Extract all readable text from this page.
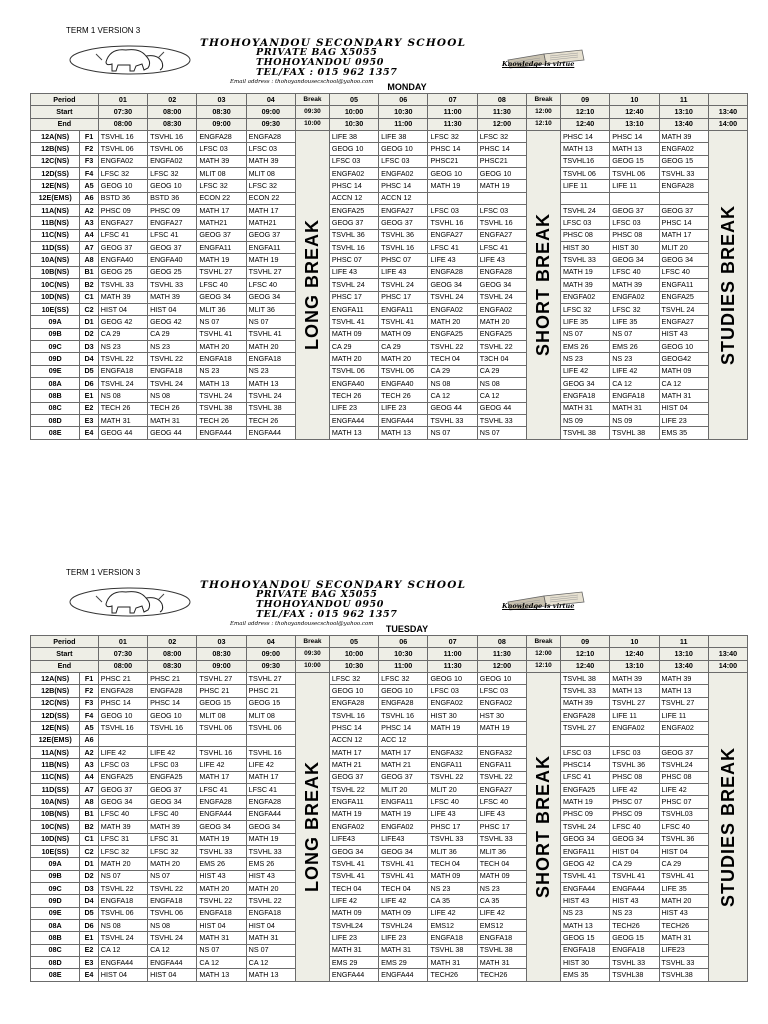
TERM 1 VERSION 3
THOHOYANDOU SECONDARY SCHOOL
PRIVATE BAG X5055
THOHOYANDOU 0950
TEL/FAX : 015 962 1357
Email address : thohoyandousecschool@yahoo.com
Knowledge is virtue
MONDAY
Period		01	02	03	04	Break	05	06	07	08	Break	09	10	11	
Start		07:30	08:00	08:30	09:00	09:30	10:00	10:30	11:00	11:30	12:00	12:10	12:40	13:10	13:40
End		08:00	08:30	09:00	09:30	10:00	10:30	11:00	11:30	12:00	12:10	12:40	13:10	13:40	14:00
12A(NS)	F1	TSVHL 16	TSVHL 16	ENGFA28	ENGFA28	LONG BREAK	LIFE 38	LIFE 38	LFSC 32	LFSC 32	SHORT BREAK	PHSC 14	PHSC 14	MATH 39	STUDIES BREAK
12B(NS)	F2	TSVHL 06	TSVHL 06	LFSC 03	LFSC 03		GEOG 10	GEOG 10	PHSC 14	PHSC 14		MATH 13	MATH 13	ENGFA02	
12C(NS)	F3	ENGFA02	ENGFA02	MATH 39	MATH 39		LFSC 03	LFSC 03	PHSC21	PHSC21		TSVHL16	GEOG 15	GEOG 15	
12D(SS)	F4	LFSC 32	LFSC 32	MLIT 08	MLIT 08		ENGFA02	ENGFA02	GEOG 10	GEOG 10		TSVHL 06	TSVHL 06	TSVHL 33	
12E(NS)	A5	GEOG 10	GEOG 10	LFSC 32	LFSC 32		PHSC 14	PHSC 14	MATH 19	MATH 19		LIFE 11	LIFE 11	ENGFA28	
12E(EMS)	A6	BSTD 36	BSTD 36	ECON 22	ECON 22		ACCN 12	ACCN 12							
11A(NS)	A2	PHSC 09	PHSC 09	MATH 17	MATH 17		ENGFA25	ENGFA27	LFSC 03	LFSC 03		TSVHL 24	GEOG 37	GEOG 37	
11B(NS)	A3	ENGFA27	ENGFA27	MATH21	MATH21		GEOG 37	GEOG 37	TSVHL 16	TSVHL 16		LFSC 03	LFSC 03	PHSC 14	
11C(NS)	A4	LFSC 41	LFSC 41	GEOG 37	GEOG 37		TSVHL 36	TSVHL 36	ENGFA27	ENGFA27		PHSC 08	PHSC 08	MATH 17	
11D(SS)	A7	GEOG 37	GEOG 37	ENGFA11	ENGFA11		TSVHL 16	TSVHL 16	LFSC 41	LFSC 41		HIST 30	HIST 30	MLIT 20	
10A(NS)	A8	ENGFA40	ENGFA40	MATH 19	MATH 19		PHSC 07	PHSC 07	LIFE 43	LIFE 43		TSVHL 33	GEOG 34	GEOG 34	
10B(NS)	B1	GEOG 25	GEOG 25	TSVHL 27	TSVHL 27		LIFE 43	LIFE 43	ENGFA28	ENGFA28		MATH 19	LFSC 40	LFSC 40	
10C(NS)	B2	TSVHL 33	TSVHL 33	LFSC 40	LFSC 40		TSVHL 24	TSVHL 24	GEOG 34	GEOG 34		MATH 39	MATH 39	ENGFA11	
10D(NS)	C1	MATH 39	MATH 39	GEOG 34	GEOG 34		PHSC 17	PHSC 17	TSVHL 24	TSVHL 24		ENGFA02	ENGFA02	ENGFA25	
10E(SS)	C2	HIST 04	HIST 04	MLIT 36	MLIT 36		ENGFA11	ENGFA11	ENGFA02	ENGFA02		LFSC 32	LFSC 32	TSVHL 24	
09A	D1	GEOG 42	GEOG 42	NS 07	NS 07		TSVHL 41	TSVHL 41	MATH 20	MATH 20		LIFE 35	LIFE 35	ENGFA27	
09B	D2	CA 29	CA 29	TSVHL 41	TSVHL 41		MATH 09	MATH 09	ENGFA25	ENGFA25		NS 07	NS 07	HIST 43	
09C	D3	NS 23	NS 23	MATH 20	MATH 20		CA 29	CA 29	TSVHL 22	TSVHL 22		EMS 26	EMS 26	GEOG 10	
09D	D4	TSVHL 22	TSVHL 22	ENGFA18	ENGFA18		MATH 20	MATH 20	TECH 04	T3CH 04		NS 23	NS 23	GEOG42	
09E	D5	ENGFA18	ENGFA18	NS 23	NS 23		TSVHL 06	TSVHL 06	CA 29	CA 29		LIFE 42	LIFE 42	MATH 09	
08A	D6	TSVHL 24	TSVHL 24	MATH 13	MATH 13		ENGFA40	ENGFA40	NS 08	NS 08		GEOG 34	CA 12	CA 12	
08B	E1	NS 08	NS 08	TSVHL 24	TSVHL 24		TECH 26	TECH 26	CA 12	CA 12		ENGFA18	ENGFA18	MATH 31	
08C	E2	TECH 26	TECH 26	TSVHL 38	TSVHL 38		LIFE 23	LIFE 23	GEOG 44	GEOG 44		MATH 31	MATH 31	HIST 04	
08D	E3	MATH 31	MATH 31	TECH 26	TECH 26		ENGFA44	ENGFA44	TSVHL 33	TSVHL 33		NS 09	NS 09	LIFE 23	
08E	E4	GEOG 44	GEOG 44	ENGFA44	ENGFA44		MATH 13	MATH 13	NS 07	NS 07		TSVHL 38	TSVHL 38	EMS 35	
TERM 1 VERSION 3
THOHOYANDOU SECONDARY SCHOOL
PRIVATE BAG X5055
THOHOYANDOU 0950
TEL/FAX : 015 962 1357
Email address : thohoyandousecschool@yahoo.com
Knowledge is virtue
TUESDAY
Period		01	02	03	04	Break	05	06	07	08	Break	09	10	11	
Start		07:30	08:00	08:30	09:00	09:30	10:00	10:30	11:00	11:30	12:00	12:10	12:40	13:10	13:40
End		08:00	08:30	09:00	09:30	10:00	10:30	11:00	11:30	12:00	12:10	12:40	13:10	13:40	14:00
12A(NS)	F1	PHSC 21	PHSC 21	TSVHL 27	TSVHL 27	LONG BREAK	LFSC 32	LFSC 32	GEOG 10	GEOG 10	SHORT BREAK	TSVHL 38	MATH 39	MATH 39	STUDIES BREAK
12B(NS)	F2	ENGFA28	ENGFA28	PHSC 21	PHSC 21		GEOG 10	GEOG 10	LFSC 03	LFSC 03		TSVHL 33	MATH 13	MATH 13	
12C(NS)	F3	PHSC 14	PHSC 14	GEOG 15	GEOG 15		ENGFA28	ENGFA28	ENGFA02	ENGFA02		MATH 39	TSVHL 27	TSVHL 27	
12D(SS)	F4	GEOG 10	GEOG 10	MLIT 08	MLIT 08		TSVHL 16	TSVHL 16	HIST 30	HST 30		ENGFA28	LIFE 11	LIFE 11	
12E(NS)	A5	TSVHL 16	TSVHL 16	TSVHL 06	TSVHL 06		PHSC 14	PHSC 14	MATH 19	MATH 19		TSVHL 27	ENGFA02	ENGFA02	
12E(EMS)	A6						ACCN 12	ACC 12							
11A(NS)	A2	LIFE 42	LIFE 42	TSVHL 16	TSVHL 16		MATH 17	MATH 17	ENGFA32	ENGFA32		LFSC 03	LFSC 03	GEOG 37	
11B(NS)	A3	LFSC 03	LFSC 03	LIFE 42	LIFE 42		MATH 21	MATH 21	ENGFA11	ENGFA11		PHSC14	TSVHL 36	TSVHL24	
11C(NS)	A4	ENGFA25	ENGFA25	MATH 17	MATH 17		GEOG 37	GEOG 37	TSVHL 22	TSVHL 22		LFSC 41	PHSC 08	PHSC 08	
11D(SS)	A7	GEOG 37	GEOG 37	LFSC 41	LFSC 41		TSVHL 22	MLIT 20	MLIT 20	ENGFA27		ENGFA25	LIFE 42	LIFE 42	
10A(NS)	A8	GEOG 34	GEOG 34	ENGFA28	ENGFA28		ENGFA11	ENGFA11	LFSC 40	LFSC 40		MATH 19	PHSC 07	PHSC 07	
10B(NS)	B1	LFSC 40	LFSC 40	ENGFA44	ENGFA44		MATH 19	MATH 19	LIFE 43	LIFE 43		PHSC 09	PHSC 09	TSVHL03	
10C(NS)	B2	MATH 39	MATH 39	GEOG 34	GEOG 34		ENGFA02	ENGFA02	PHSC 17	PHSC 17		TSVHL 24	LFSC 40	LFSC 40	
10D(NS)	C1	LFSC 31	LFSC 31	MATH 19	MATH 19		LIFE43	LIFE43	TSVHL 33	TSVHL 33		GEOG 34	GEOG 34	TSVHL 36	
10E(SS)	C2	LFSC 32	LFSC 32	TSVHL 33	TSVHL 33		GEOG 34	GEOG 34	MLIT 36	MLIT 36		ENGFA11	HIST 04	HIST 04	
09A	D1	MATH 20	MATH 20	EMS 26	EMS 26		TSVHL 41	TSVHL 41	TECH 04	TECH 04		GEOG 42	CA 29	CA 29	
09B	D2	NS 07	NS 07	HIST 43	HIST 43		TSVHL 41	TSVHL 41	MATH 09	MATH 09		TSVHL 41	TSVHL 41	TSVHL 41	
09C	D3	TSVHL 22	TSVHL 22	MATH 20	MATH 20		TECH 04	TECH 04	NS 23	NS 23		ENGFA44	ENGFA44	LIFE 35	
09D	D4	ENGFA18	ENGFA18	TSVHL 22	TSVHL 22		LIFE 42	LIFE 42	CA 35	CA 35		HIST 43	HIST 43	MATH 20	
09E	D5	TSVHL 06	TSVHL 06	ENGFA18	ENGFA18		MATH 09	MATH 09	LIFE 42	LIFE 42		NS 23	NS 23	HIST 43	
08A	D6	NS 08	NS 08	HIST 04	HIST 04		TSVHL24	TSVHL24	EMS12	EMS12		MATH 13	TECH26	TECH26	
08B	E1	TSVHL 24	TSVHL 24	MATH 31	MATH 31		LIFE 23	LIFE 23	ENGFA18	ENGFA18		GEOG 15	GEOG 15	MATH 31	
08C	E2	CA 12	CA 12	NS 07	NS 07		MATH 31	MATH 31	TSVHL 38	TSVHL 38		ENGFA18	ENGFA18	LIFE23	
08D	E3	ENGFA44	ENGFA44	CA 12	CA 12		EMS 29	EMS 29	MATH 31	MATH 31		HIST 30	TSVHL 33	TSVHL 33	
08E	E4	HIST 04	HIST 04	MATH 13	MATH 13		ENGFA44	ENGFA44	TECH26	TECH26		EMS 35	TSVHL38	TSVHL38	
